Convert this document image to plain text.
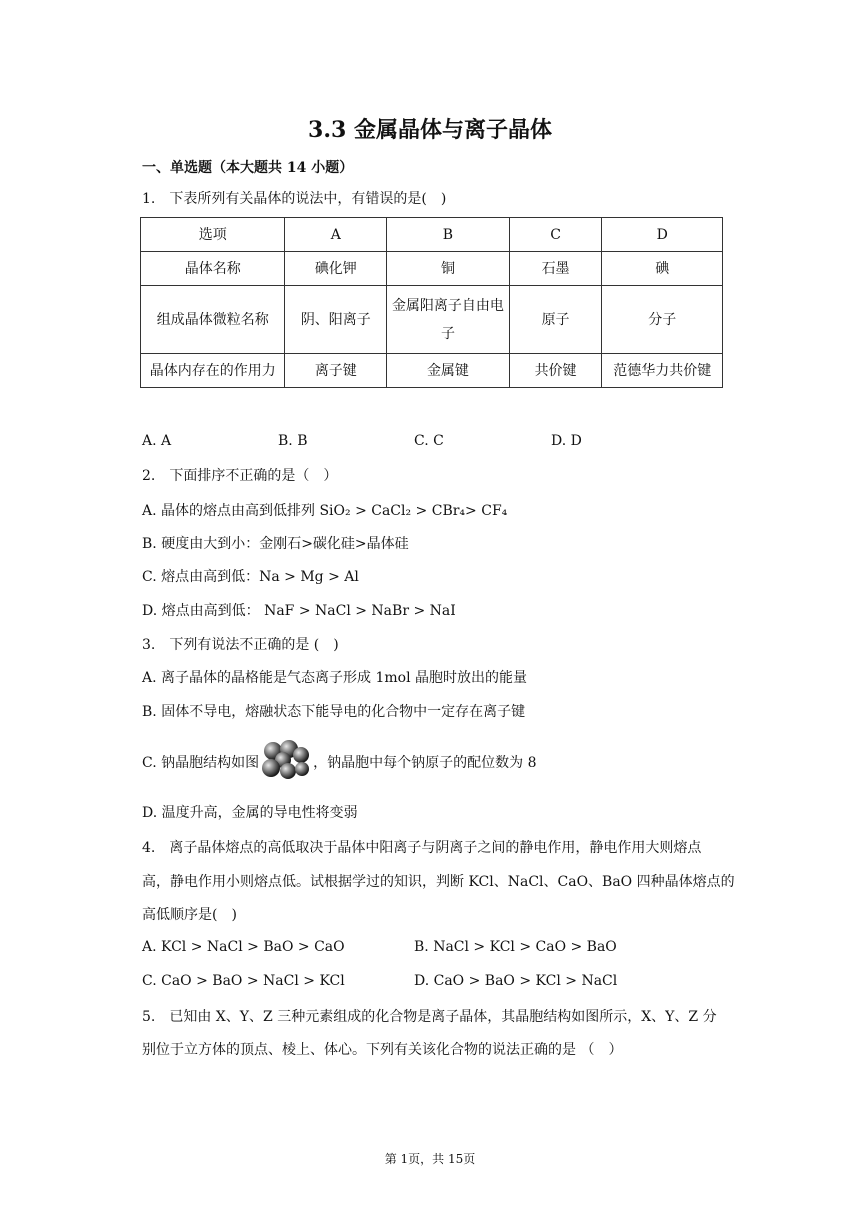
3.3 金属晶体与离子晶体
一、单选题（本大题共 14 小题）
1.　下表所列有关晶体的说法中，有错误的是(　)
选项	A	B	C	D
晶体名称	碘化钾	铜	石墨	碘
组成晶体微粒名称	阴、阳离子	金属阳离子自由电子	原子	分子
晶体内存在的作用力	离子键	金属键	共价键	范德华力共价键
A. A	B. B	C. C	D. D
2.　下面排序不正确的是（　）
A. 晶体的熔点由高到低排列 SiO₂ > CaCl₂ > CBr₄> CF₄
B. 硬度由大到小：金刚石>碳化硅>晶体硅
C. 熔点由高到低：Na > Mg > Al
D. 熔点由高到低： NaF > NaCl > NaBr > NaI
3.　下列有说法不正确的是 (　)
A. 离子晶体的晶格能是气态离子形成 1mol 晶胞时放出的能量
B. 固体不导电，熔融状态下能导电的化合物中一定存在离子键
C. 钠晶胞结构如图	，钠晶胞中每个钠原子的配位数为 8
D. 温度升高，金属的导电性将变弱
4.　离子晶体熔点的高低取决于晶体中阳离子与阴离子之间的静电作用，静电作用大则熔点
高，静电作用小则熔点低。试根据学过的知识，判断 KCl、NaCl、CaO、BaO 四种晶体熔点的
高低顺序是(　)
A. KCl > NaCl > BaO > CaO	B. NaCl > KCl > CaO > BaO
C. CaO > BaO > NaCl > KCl	D. CaO > BaO > KCl > NaCl
5.　已知由 X、Y、Z 三种元素组成的化合物是离子晶体，其晶胞结构如图所示，X、Y、Z 分
别位于立方体的顶点、棱上、体心。下列有关该化合物的说法正确的是 （　）
第 1页，共 15页
